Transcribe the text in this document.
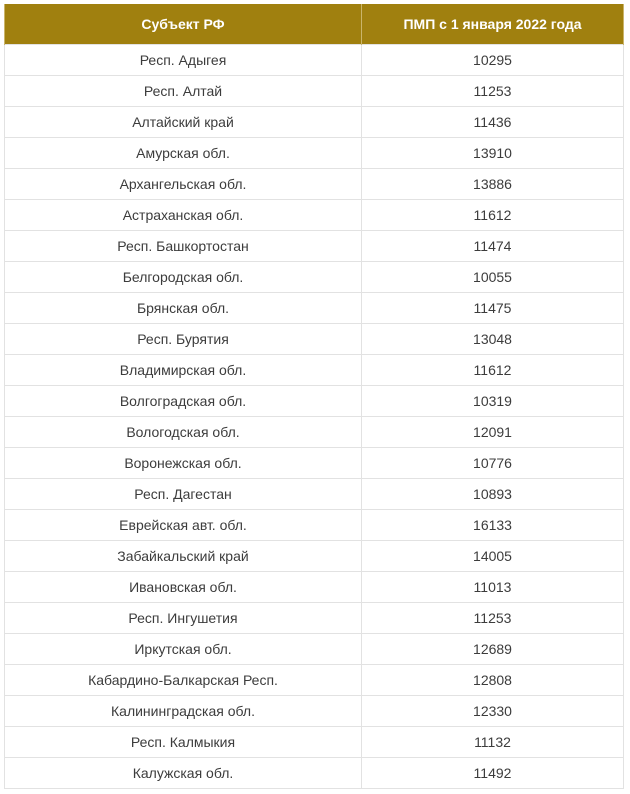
Субъект РФ	ПМП с 1 января 2022 года
Респ. Адыгея	10295
Респ. Алтай	11253
Алтайский край	11436
Амурская обл.	13910
Архангельская обл.	13886
Астраханская обл.	11612
Респ. Башкортостан	11474
Белгородская обл.	10055
Брянская обл.	11475
Респ. Бурятия	13048
Владимирская обл.	11612
Волгоградская обл.	10319
Вологодская обл.	12091
Воронежская обл.	10776
Респ. Дагестан	10893
Еврейская авт. обл.	16133
Забайкальский край	14005
Ивановская обл.	11013
Респ. Ингушетия	11253
Иркутская обл.	12689
Кабардино-Балкарская Респ.	12808
Калининградская обл.	12330
Респ. Калмыкия	11132
Калужская обл.	11492
